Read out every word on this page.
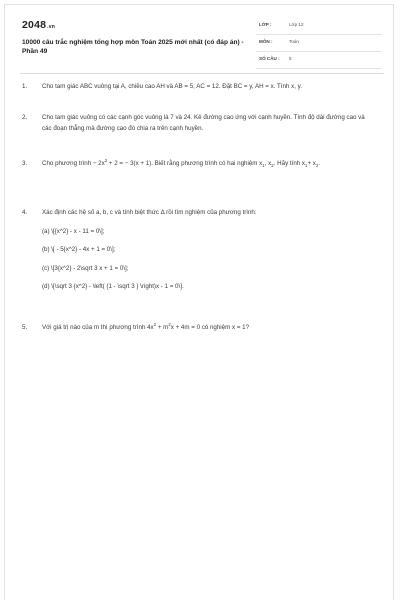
2048.vn
10000 câu trắc nghiệm tổng hợp môn Toán 2025 mới nhất (có đáp án) - Phần 49
LỚP :	Lớp 12
MÔN :	Toán
SỐ CÂU : 5
1.	Cho tam giác ABC vuông tại A, chiều cao AH và AB = 5; AC = 12. Đặt BC = y, AH = x. Tính x, y.
2.	Cho tam giác vuông có các cạnh góc vuông là 7 và 24. Kẻ đường cao ứng với cạnh huyền. Tính độ dài đường cao và các đoạn thẳng mà đường cao đó chia ra trên cạnh huyền.
3.	Cho phương trình − $2x^2 + 2$ = − 3(x + 1). Biết rằng phương trình có hai nghiệm $x_1$, $x_2$. Hãy tính $x_1+ x_2$.
4.	Xác định các hệ số a, b, c và tính biệt thức Δ rồi tìm nghiệm của phương trình:
(a) \[{x^2} - x - 11 = 0\];
(b) \[ - 5{x^2} - 4x + 1 = 0\];
(c) \[3{x^2} - 2\sqrt 3 x + 1 = 0\];
(d) \[\sqrt 3 {x^2} - \left( {1 - \sqrt 3 } \right)x - 1 = 0\].
5.	Với giá trị nào của m thì phương trình $4x^2 + m^2x + 4m = 0$ có nghiệm x = 1?
